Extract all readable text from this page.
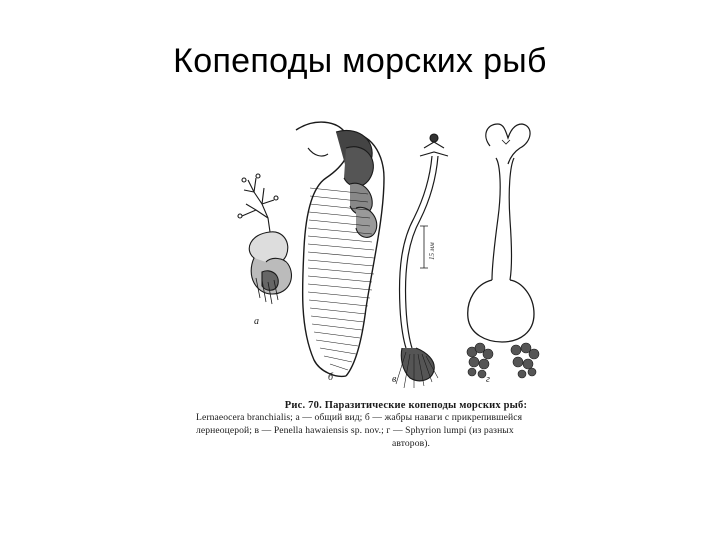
Копеподы морских рыб
а
б	в	г
15 мм
Рис. 70. Паразитические копеподы морских рыб:
Lernaeocera branchialis; а — общий вид; б — жабры наваги с прикрепившейся
лернеоцерой; в — Penella hawaiensis sp. nov.; г — Sphyrion lumpi (из разных
авторов).
